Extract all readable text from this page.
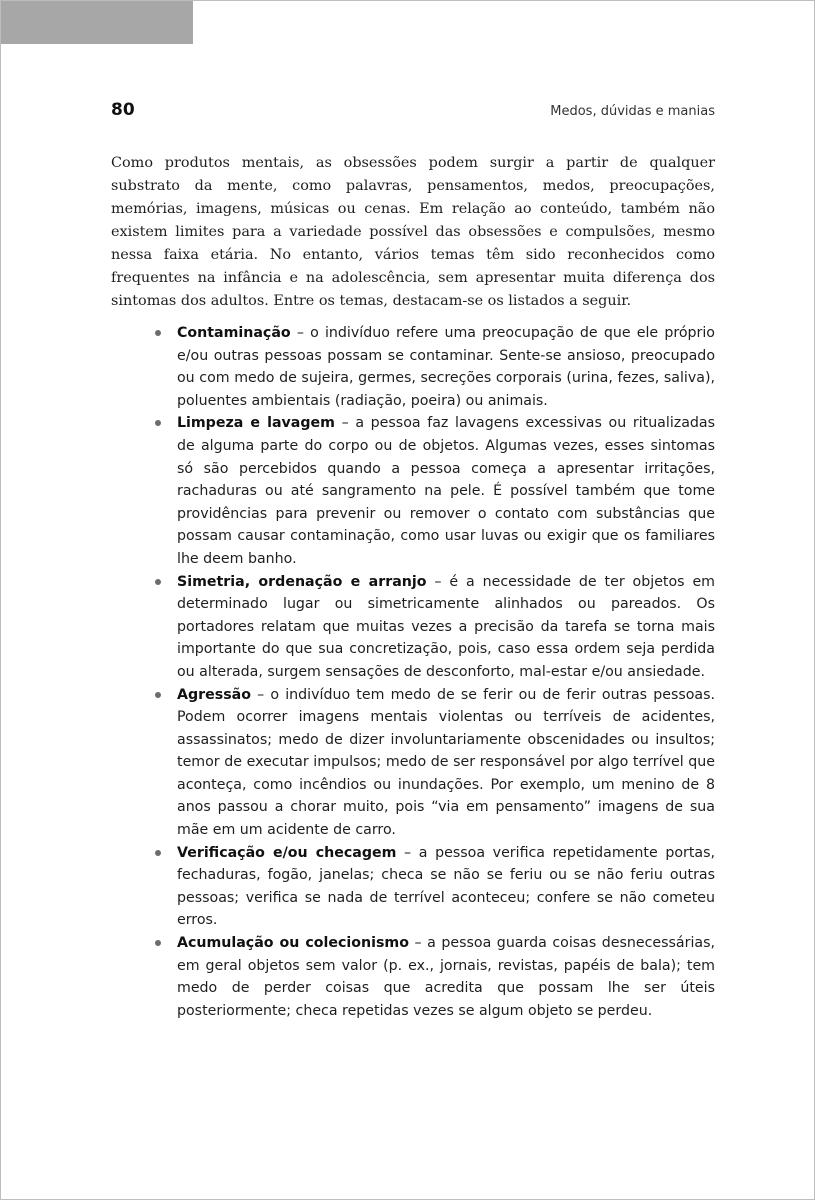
80	Medos, dúvidas e manias

Como produtos mentais, as obsessões podem surgir a partir de qualquer substrato da mente, como palavras, pensamentos, medos, preocupações, memórias, imagens, músicas ou cenas. Em relação ao conteúdo, também não existem limites para a variedade possível das obsessões e compulsões, mesmo nessa faixa etária. No entanto, vários temas têm sido reconhecidos como frequentes na infância e na adolescência, sem apresentar muita diferença dos sintomas dos adultos. Entre os temas, destacam-se os listados a seguir.

Contaminação – o indivíduo refere uma preocupação de que ele próprio e/ou outras pessoas possam se contaminar. Sente-se ansioso, preocupado ou com medo de sujeira, germes, secreções corporais (urina, fezes, saliva), poluentes ambientais (radiação, poeira) ou animais.
Limpeza e lavagem – a pessoa faz lavagens excessivas ou ritualizadas de alguma parte do corpo ou de objetos. Algumas vezes, esses sintomas só são percebidos quando a pessoa começa a apresentar irritações, rachaduras ou até sangramento na pele. É possível também que tome providências para prevenir ou remover o contato com substâncias que possam causar contaminação, como usar luvas ou exigir que os familiares lhe deem banho.
Simetria, ordenação e arranjo – é a necessidade de ter objetos em determinado lugar ou simetricamente alinhados ou pareados. Os portadores relatam que muitas vezes a precisão da tarefa se torna mais importante do que sua concretização, pois, caso essa ordem seja perdida ou alterada, surgem sensações de desconforto, mal-estar e/ou ansiedade.
Agressão – o indivíduo tem medo de se ferir ou de ferir outras pessoas. Podem ocorrer imagens mentais violentas ou terríveis de acidentes, assassinatos; medo de dizer involuntariamente obscenidades ou insultos; temor de executar impulsos; medo de ser responsável por algo terrível que aconteça, como incêndios ou inundações. Por exemplo, um menino de 8 anos passou a chorar muito, pois “via em pensamento” imagens de sua mãe em um acidente de carro.
Verificação e/ou checagem – a pessoa verifica repetidamente portas, fechaduras, fogão, janelas; checa se não se feriu ou se não feriu outras pessoas; verifica se nada de terrível aconteceu; confere se não cometeu erros.
Acumulação ou colecionismo – a pessoa guarda coisas desnecessárias, em geral objetos sem valor (p. ex., jornais, revistas, papéis de bala); tem medo de perder coisas que acredita que possam lhe ser úteis posteriormente; checa repetidas vezes se algum objeto se perdeu.
